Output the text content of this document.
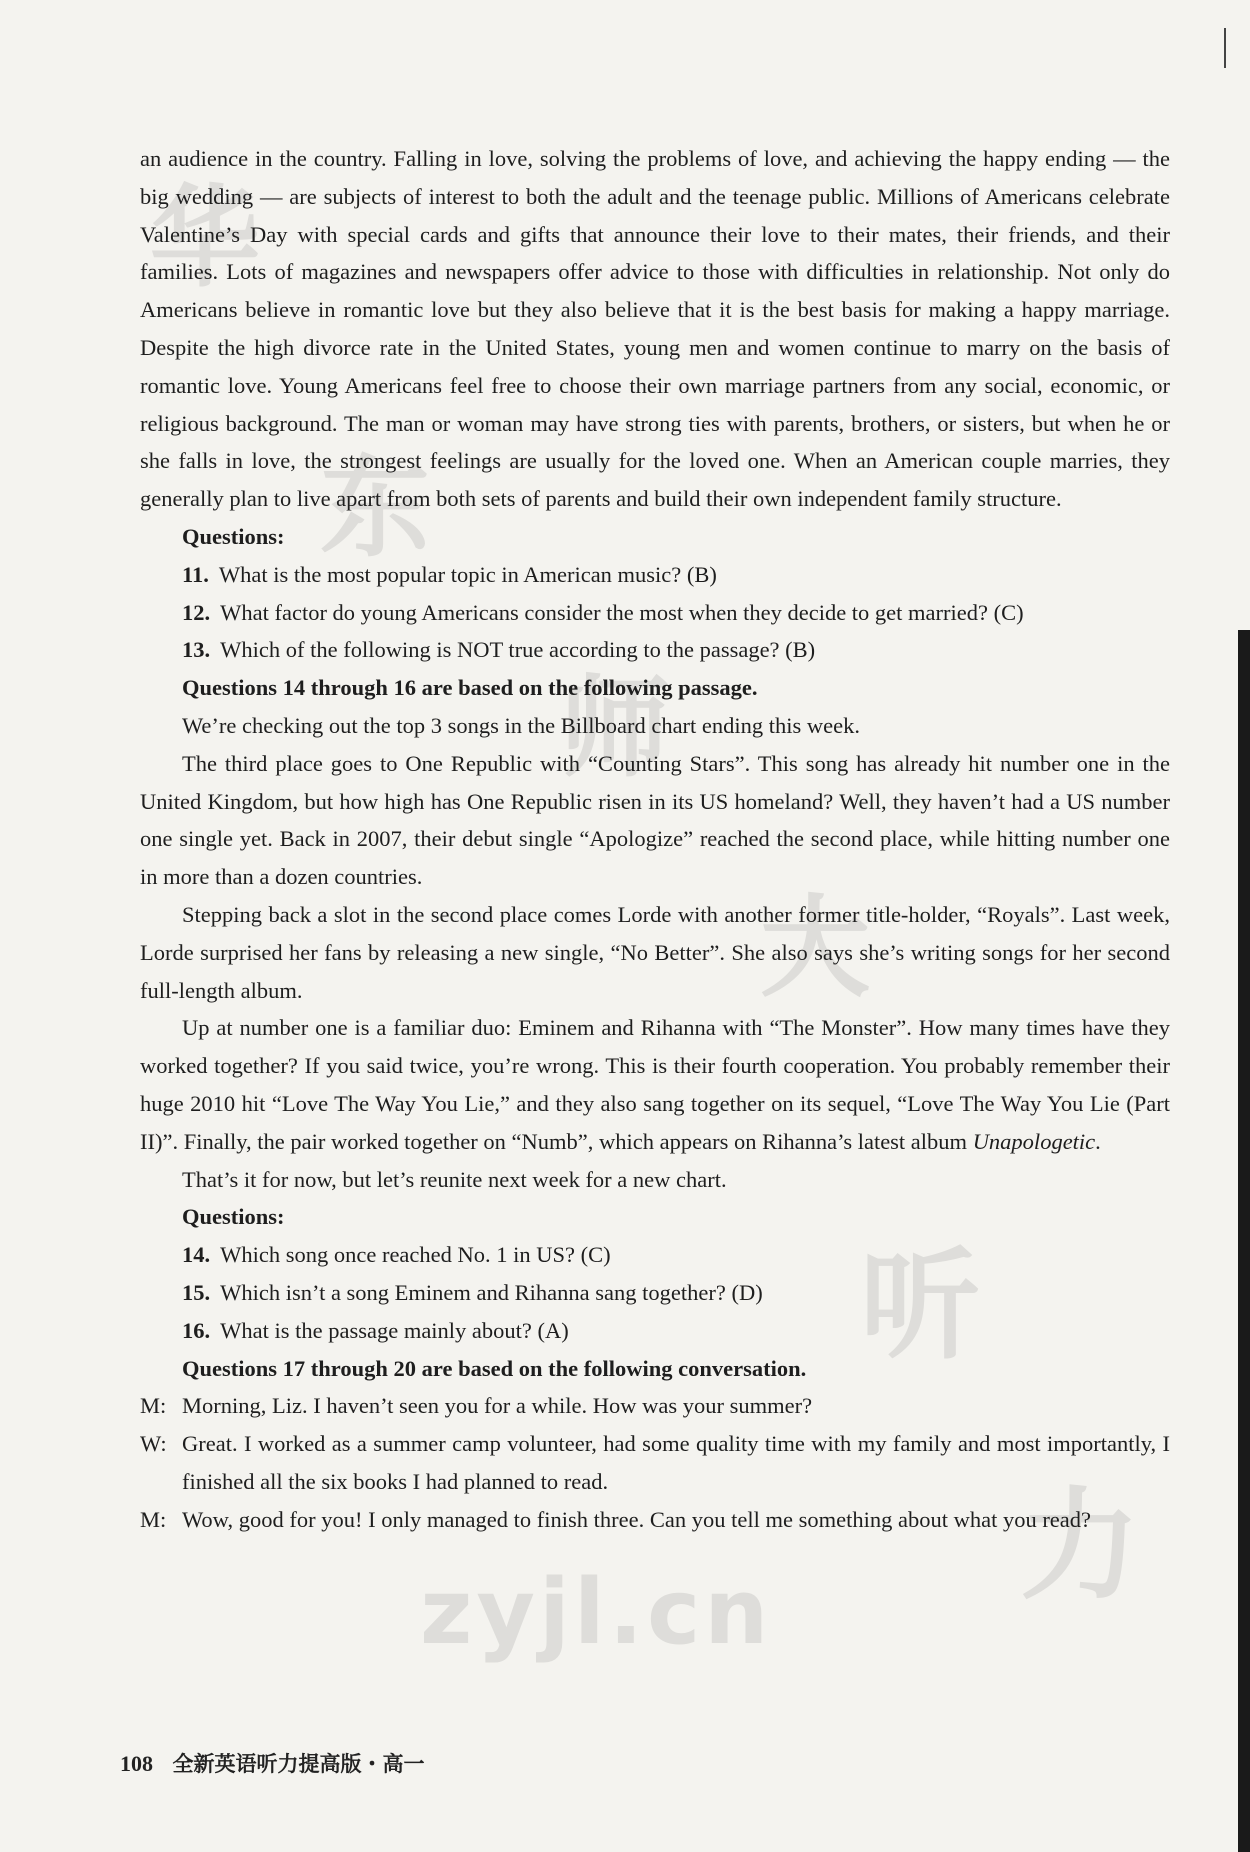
华
东
师
大
听
力
zyjl.cn

an audience in the country. Falling in love, solving the problems of love, and achieving the happy ending — the big wedding — are subjects of interest to both the adult and the teenage public. Millions of Americans celebrate Valentine’s Day with special cards and gifts that announce their love to their mates, their friends, and their families. Lots of magazines and newspapers offer advice to those with difficulties in relationship. Not only do Americans believe in romantic love but they also believe that it is the best basis for making a happy marriage. Despite the high divorce rate in the United States, young men and women continue to marry on the basis of romantic love. Young Americans feel free to choose their own marriage partners from any social, economic, or religious background. The man or woman may have strong ties with parents, brothers, or sisters, but when he or she falls in love, the strongest feelings are usually for the loved one. When an American couple marries, they generally plan to live apart from both sets of parents and build their own independent family structure.

Questions:

11. What is the most popular topic in American music? (B)

12. What factor do young Americans consider the most when they decide to get married? (C)

13. Which of the following is NOT true according to the passage? (B)

Questions 14 through 16 are based on the following passage.

We’re checking out the top 3 songs in the Billboard chart ending this week.

The third place goes to One Republic with “Counting Stars”. This song has already hit number one in the United Kingdom, but how high has One Republic risen in its US homeland? Well, they haven’t had a US number one single yet. Back in 2007, their debut single “Apologize” reached the second place, while hitting number one in more than a dozen countries.

Stepping back a slot in the second place comes Lorde with another former title-holder, “Royals”. Last week, Lorde surprised her fans by releasing a new single, “No Better”. She also says she’s writing songs for her second full-length album.

Up at number one is a familiar duo: Eminem and Rihanna with “The Monster”. How many times have they worked together? If you said twice, you’re wrong. This is their fourth cooperation. You probably remember their huge 2010 hit “Love The Way You Lie,” and they also sang together on its sequel, “Love The Way You Lie (Part II)”. Finally, the pair worked together on “Numb”, which appears on Rihanna’s latest album Unapologetic.

That’s it for now, but let’s reunite next week for a new chart.

Questions:

14. Which song once reached No. 1 in US? (C)

15. Which isn’t a song Eminem and Rihanna sang together? (D)

16. What is the passage mainly about? (A)

Questions 17 through 20 are based on the following conversation.

M: Morning, Liz. I haven’t seen you for a while. How was your summer?
W: Great. I worked as a summer camp volunteer, had some quality time with my family and most importantly, I finished all the six books I had planned to read.
M: Wow, good for you! I only managed to finish three. Can you tell me something about what you read?
108 全新英语听力提高版・高一
